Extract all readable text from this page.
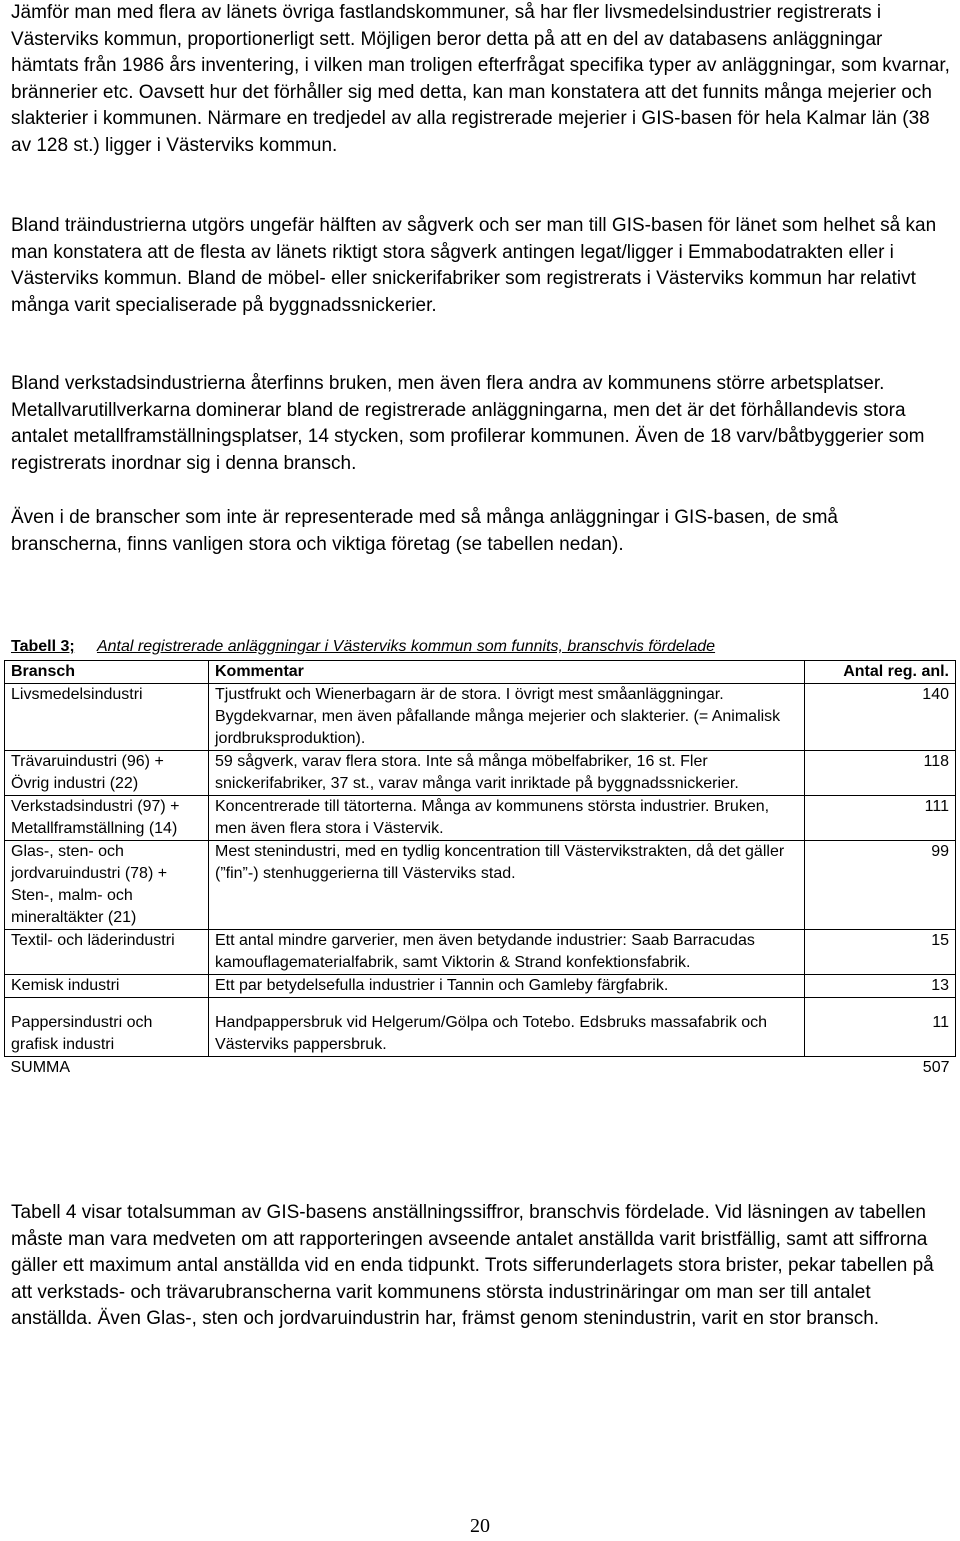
Jämför man med flera av länets övriga fastlandskommuner, så har fler livsmedelsindustrier registrerats i Västerviks kommun, proportionerligt sett. Möjligen beror detta på att en del av databasens anläggningar hämtats från 1986 års inventering, i vilken man troligen efterfrågat specifika typer av anläggningar, som kvarnar, brännerier etc. Oavsett hur det förhåller sig med detta, kan man konstatera att det funnits många mejerier och slakterier i kommunen. Närmare en tredjedel av alla registrerade mejerier i GIS-basen för hela Kalmar län (38 av 128 st.) ligger i Västerviks kommun.

Bland träindustrierna utgörs ungefär hälften av sågverk och ser man till GIS-basen för länet som helhet så kan man konstatera att de flesta av länets riktigt stora sågverk antingen legat/ligger i Emmabodatrakten eller i Västerviks kommun. Bland de möbel- eller snickerifabriker som registrerats i Västerviks kommun har relativt många varit specialiserade på byggnadssnickerier.

Bland verkstadsindustrierna återfinns bruken, men även flera andra av kommunens större arbetsplatser. Metallvarutillverkarna dominerar bland de registrerade anläggningarna, men det är det förhållandevis stora antalet metallframställningsplatser, 14 stycken, som profilerar kommunen. Även de 18 varv/båtbyggerier som registrerats inordnar sig i denna bransch.

Även i de branscher som inte är representerade med så många anläggningar i GIS-basen, de små branscherna, finns vanligen stora och viktiga företag (se tabellen nedan).

Tabell 3; Antal registrerade anläggningar i Västerviks kommun som funnits, branschvis fördelade
Bransch	Kommentar	Antal reg. anl.
Livsmedelsindustri	Tjustfrukt och Wienerbagarn är de stora. I övrigt mest småanläggningar. Bygdekvarnar, men även påfallande många mejerier och slakterier. (= Animalisk jordbruksproduktion).	140
Trävaruindustri (96) + Övrig industri (22)	59 sågverk, varav flera stora. Inte så många möbelfabriker, 16 st. Fler snickerifabriker, 37 st., varav många varit inriktade på byggnadssnickerier.	118
Verkstadsindustri (97) + Metallframställning (14)	Koncentrerade till tätorterna. Många av kommunens största industrier. Bruken, men även flera stora i Västervik.	111
Glas-, sten- och jordvaruindustri (78) + Sten-, malm- och mineraltäkter (21)	Mest stenindustri, med en tydlig koncentration till Västervikstrakten, då det gäller (”fin”-) stenhuggerierna till Västerviks stad.	99
Textil- och läderindustri	Ett antal mindre garverier, men även betydande industrier: Saab Barracudas kamouflagematerialfabrik, samt Viktorin & Strand konfektionsfabrik.	15
Kemisk industri	Ett par betydelsefulla industrier i Tannin och Gamleby färgfabrik.	13
Pappersindustri och grafisk industri	Handpappersbruk vid Helgerum/Gölpa och Totebo. Edsbruks massafabrik och Västerviks pappersbruk.	11
SUMMA		507

Tabell 4 visar totalsumman av GIS-basens anställningssiffror, branschvis fördelade. Vid läsningen av tabellen måste man vara medveten om att rapporteringen avseende antalet anställda varit bristfällig, samt att siffrorna gäller ett maximum antal anställda vid en enda tidpunkt. Trots sifferunderlagets stora brister, pekar tabellen på att verkstads- och trävarubranscherna varit kommunens största industrinäringar om man ser till antalet anställda. Även Glas-, sten och jordvaruindustrin har, främst genom stenindustrin, varit en stor bransch.

20
